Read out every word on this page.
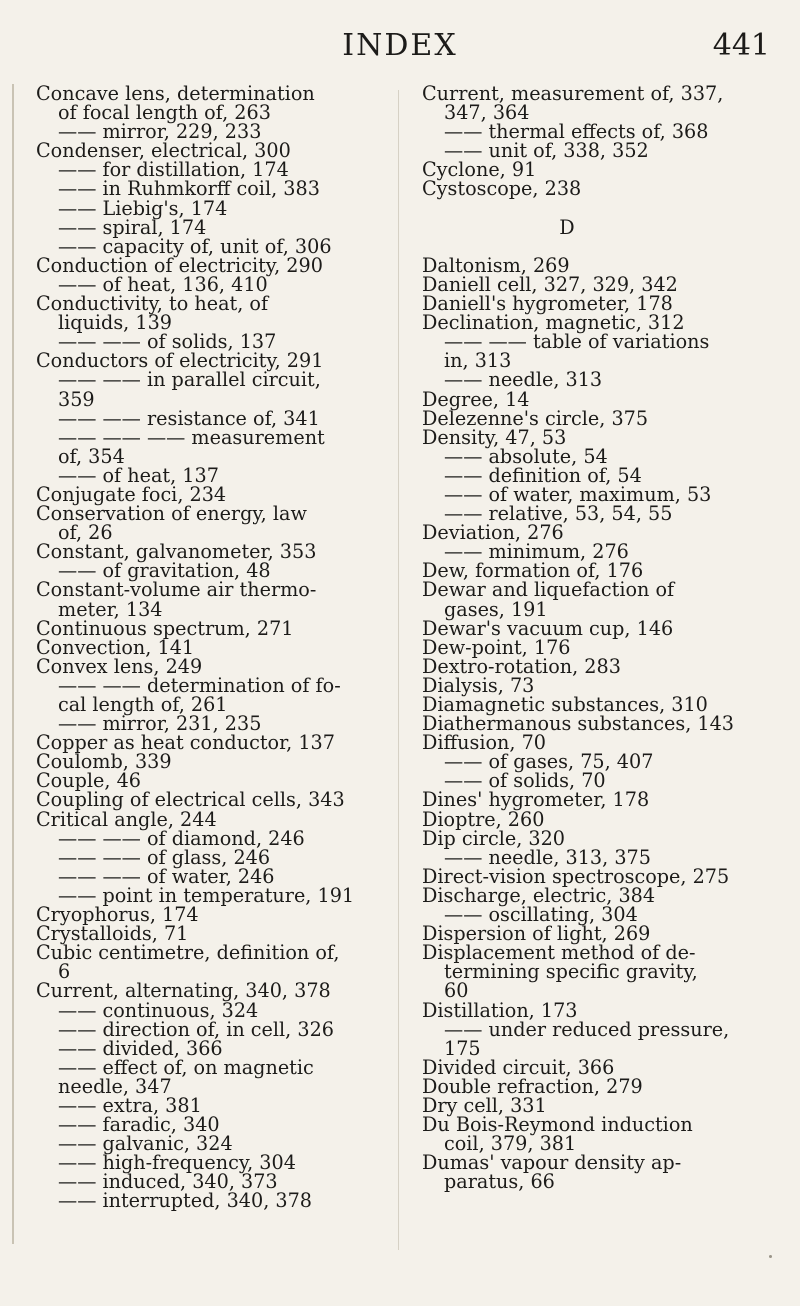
INDEX	441
Concave lens, determination
of focal length of, 263
—— mirror, 229, 233
Condenser, electrical, 300
—— for distillation, 174
—— in Ruhmkorff coil, 383
—— Liebig's, 174
—— spiral, 174
—— capacity of, unit of, 306
Conduction of electricity, 290
—— of heat, 136, 410
Conductivity, to heat, of
liquids, 139
—— —— of solids, 137
Conductors of electricity, 291
—— —— in parallel circuit,
359
—— —— resistance of, 341
—— —— —— measurement
of, 354
—— of heat, 137
Conjugate foci, 234
Conservation of energy, law
of, 26
Constant, galvanometer, 353
—— of gravitation, 48
Constant-volume air thermo-
meter, 134
Continuous spectrum, 271
Convection, 141
Convex lens, 249
—— —— determination of fo-
cal length of, 261
—— mirror, 231, 235
Copper as heat conductor, 137
Coulomb, 339
Couple, 46
Coupling of electrical cells, 343
Critical angle, 244
—— —— of diamond, 246
—— —— of glass, 246
—— —— of water, 246
—— point in temperature, 191
Cryophorus, 174
Crystalloids, 71
Cubic centimetre, definition of,
6
Current, alternating, 340, 378
—— continuous, 324
—— direction of, in cell, 326
—— divided, 366
—— effect of, on magnetic
needle, 347
—— extra, 381
—— faradic, 340
—— galvanic, 324
—— high-frequency, 304
—— induced, 340, 373
—— interrupted, 340, 378
Current, measurement of, 337,
347, 364
—— thermal effects of, 368
—— unit of, 338, 352
Cyclone, 91
Cystoscope, 238
D
Daltonism, 269
Daniell cell, 327, 329, 342
Daniell's hygrometer, 178
Declination, magnetic, 312
—— —— table of variations
in, 313
—— needle, 313
Degree, 14
Delezenne's circle, 375
Density, 47, 53
—— absolute, 54
—— definition of, 54
—— of water, maximum, 53
—— relative, 53, 54, 55
Deviation, 276
—— minimum, 276
Dew, formation of, 176
Dewar and liquefaction of
gases, 191
Dewar's vacuum cup, 146
Dew-point, 176
Dextro-rotation, 283
Dialysis, 73
Diamagnetic substances, 310
Diathermanous substances, 143
Diffusion, 70
—— of gases, 75, 407
—— of solids, 70
Dines' hygrometer, 178
Dioptre, 260
Dip circle, 320
—— needle, 313, 375
Direct-vision spectroscope, 275
Discharge, electric, 384
—— oscillating, 304
Dispersion of light, 269
Displacement method of de-
termining specific gravity,
60
Distillation, 173
—— under reduced pressure,
175
Divided circuit, 366
Double refraction, 279
Dry cell, 331
Du Bois-Reymond induction
coil, 379, 381
Dumas' vapour density ap-
paratus, 66
